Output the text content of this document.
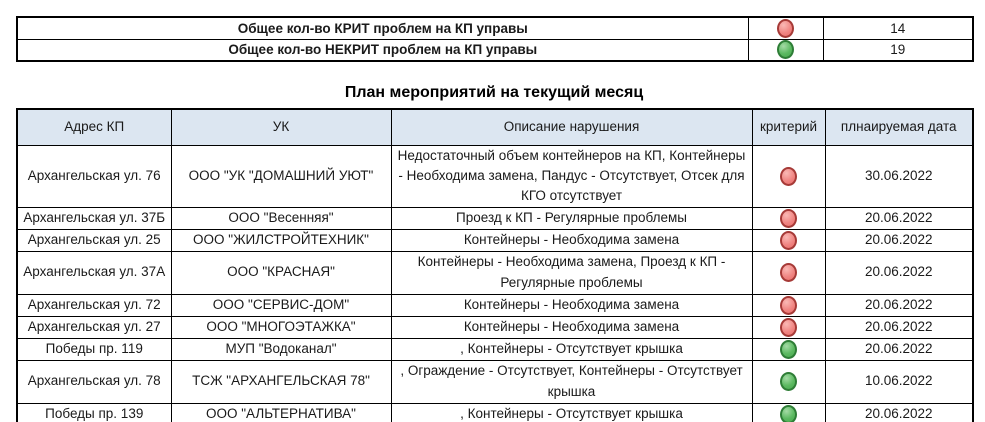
Общее кол-во КРИТ проблем на КП управы		14
Общее кол-во НЕКРИТ проблем на КП управы		19
План мероприятий на текущий месяц
Адрес КП	УК	Описание нарушения	критерий	плнаируемая дата
Архангельская ул. 76	ООО "УК "ДОМАШНИЙ УЮТ"	Недостаточный объем контейнеров на КП, Контейнеры - Необходима замена, Пандус - Отсутствует, Отсек для КГО отсутствует		30.06.2022
Архангельская ул. 37Б	ООО "Весенняя"	Проезд к КП - Регулярные проблемы		20.06.2022
Архангельская ул. 25	ООО "ЖИЛСТРОЙТЕХНИК"	Контейнеры - Необходима замена		20.06.2022
Архангельская ул. 37А	ООО "КРАСНАЯ"	Контейнеры - Необходима замена, Проезд к КП - Регулярные проблемы		20.06.2022
Архангельская ул. 72	ООО "СЕРВИС-ДОМ"	Контейнеры - Необходима замена		20.06.2022
Архангельская ул. 27	ООО "МНОГОЭТАЖКА"	Контейнеры - Необходима замена		20.06.2022
Победы пр. 119	МУП "Водоканал"	, Контейнеры - Отсутствует крышка		20.06.2022
Архангельская ул. 78	ТСЖ "АРХАНГЕЛЬСКАЯ 78"	, Ограждение - Отсутствует, Контейнеры - Отсутствует крышка		10.06.2022
Победы пр. 139	ООО "АЛЬТЕРНАТИВА"	, Контейнеры - Отсутствует крышка		20.06.2022
